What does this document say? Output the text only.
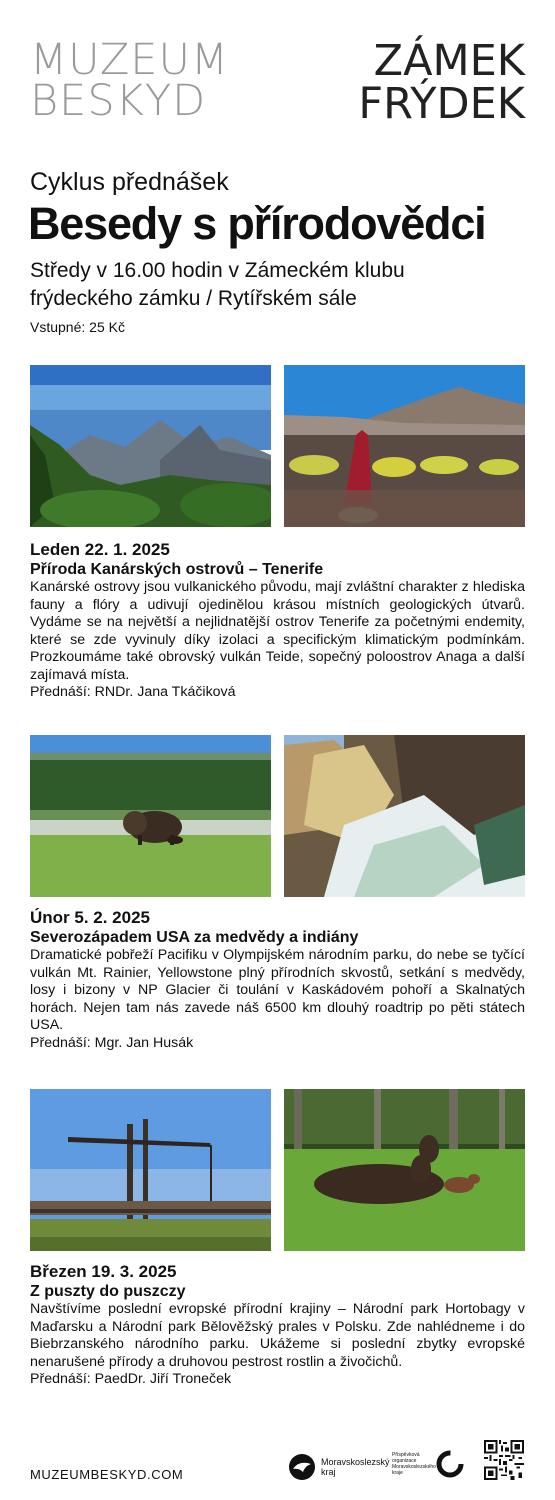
MUZEUM
BESKYD
ZÁMEK
FRÝDEK
Cyklus přednášek
Besedy s přírodovědci
Středy v 16.00 hodin v Zámeckém klubu frýdeckého zámku / Rytířském sále
Vstupné: 25 Kč
Leden 22. 1. 2025
Příroda Kanárských ostrovů – Tenerife

Kanárské ostrovy jsou vulkanického původu, mají zvláštní charakter z hlediska fauny a flóry a udivují ojedinělou krásou místních geologických útvarů. Vydáme se na největší a nejlidnatější ostrov Tenerife za početnými endemity, které se zde vyvinuly díky izolaci a specifickým klimatickým podmínkám. Prozkoumáme také obrovský vulkán Teide, sopečný poloostrov Anaga a další zajímavá místa.

Přednáší: RNDr. Jana Tkáčiková
Únor 5. 2. 2025
Severozápadem USA za medvědy a indiány

Dramatické pobřeží Pacifiku v Olympijském národním parku, do nebe se tyčící vulkán Mt. Rainier, Yellowstone plný přírodních skvostů, setkání s medvědy, losy i bizony v NP Glacier či toulání v Kaskádovém pohoří a Skalnatých horách. Nejen tam nás zavede náš 6500 km dlouhý roadtrip po pěti státech USA.

Přednáší: Mgr. Jan Husák
Březen 19. 3. 2025
Z puszty do puszczy

Navštívíme poslední evropské přírodní krajiny – Národní park Hortobagy v Maďarsku a Národní park Bělověžský prales v Polsku. Zde nahlédneme i do Biebrzanského národního parku. Ukážeme si poslední zbytky evropské nenarušené přírody a druhovou pestrost rostlin a živočichů.

Přednáší: PaedDr. Jiří Troneček
MUZEUMBESKYD.COM
Moravskoslezský
kraj
Příspěvková organizace
Moravskoslezského kraje
